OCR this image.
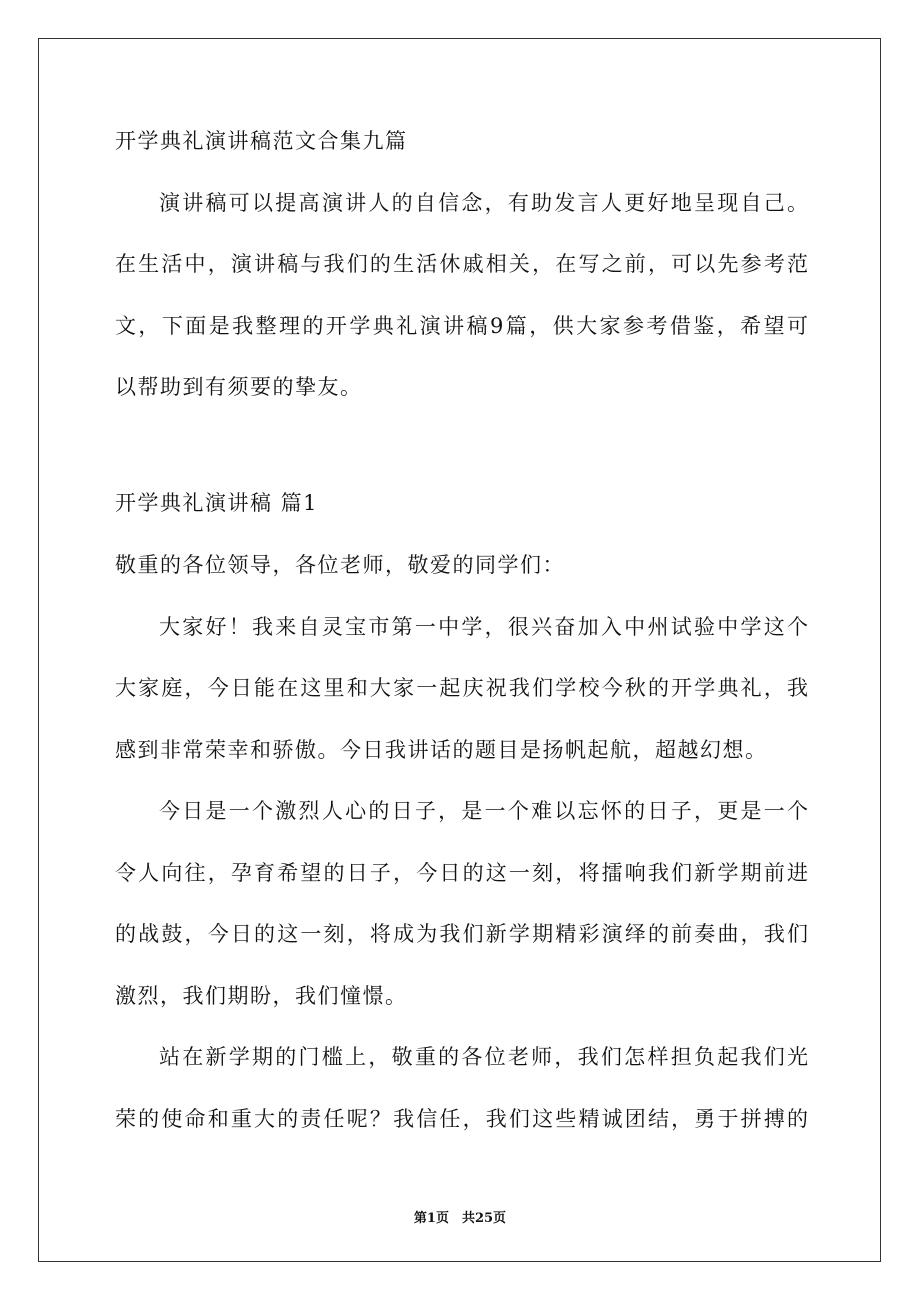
开学典礼演讲稿范文合集九篇
演讲稿可以提高演讲人的自信念，有助发言人更好地呈现自己。
在生活中，演讲稿与我们的生活休戚相关，在写之前，可以先参考范
文，下面是我整理的开学典礼演讲稿9篇，供大家参考借鉴，希望可
以帮助到有须要的挚友。
开学典礼演讲稿 篇1
敬重的各位领导，各位老师，敬爱的同学们：
大家好！我来自灵宝市第一中学，很兴奋加入中州试验中学这个
大家庭，今日能在这里和大家一起庆祝我们学校今秋的开学典礼，我
感到非常荣幸和骄傲。今日我讲话的题目是扬帆起航，超越幻想。
今日是一个激烈人心的日子，是一个难以忘怀的日子，更是一个
令人向往，孕育希望的日子，今日的这一刻，将擂响我们新学期前进
的战鼓，今日的这一刻，将成为我们新学期精彩演绎的前奏曲，我们
激烈，我们期盼，我们憧憬。
站在新学期的门槛上，敬重的各位老师，我们怎样担负起我们光
荣的使命和重大的责任呢？我信任，我们这些精诚团结，勇于拼搏的
第1页　共25页
